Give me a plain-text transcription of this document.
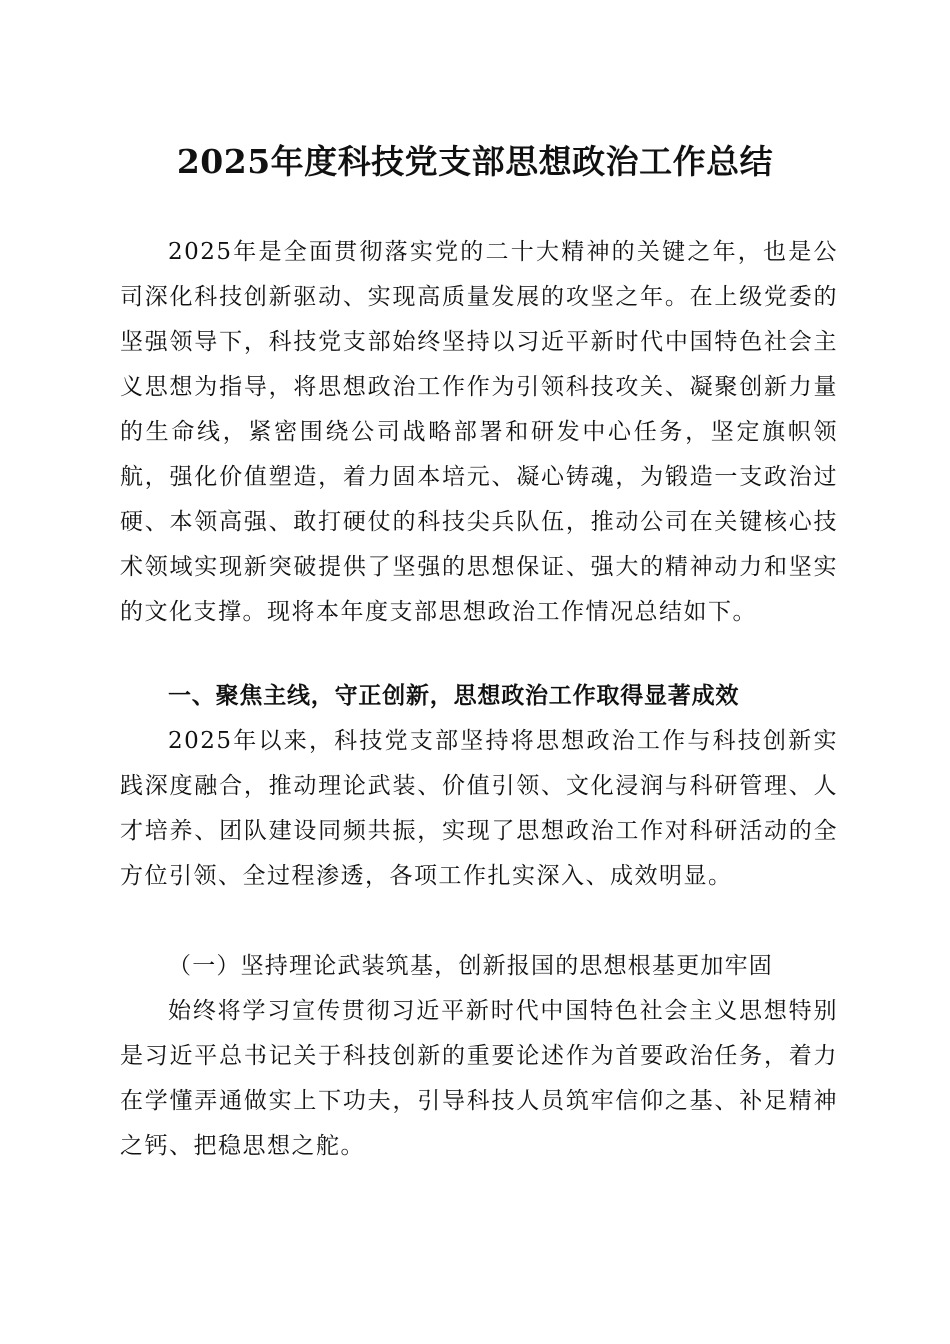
2025年度科技党支部思想政治工作总结

2025年是全面贯彻落实党的二十大精神的关键之年，也是公司深化科技创新驱动、实现高质量发展的攻坚之年。在上级党委的坚强领导下，科技党支部始终坚持以习近平新时代中国特色社会主义思想为指导，将思想政治工作作为引领科技攻关、凝聚创新力量的生命线，紧密围绕公司战略部署和研发中心任务，坚定旗帜领航，强化价值塑造，着力固本培元、凝心铸魂，为锻造一支政治过硬、本领高强、敢打硬仗的科技尖兵队伍，推动公司在关键核心技术领域实现新突破提供了坚强的思想保证、强大的精神动力和坚实的文化支撑。现将本年度支部思想政治工作情况总结如下。

一、聚焦主线，守正创新，思想政治工作取得显著成效

2025年以来，科技党支部坚持将思想政治工作与科技创新实践深度融合，推动理论武装、价值引领、文化浸润与科研管理、人才培养、团队建设同频共振，实现了思想政治工作对科研活动的全方位引领、全过程渗透，各项工作扎实深入、成效明显。

（一）坚持理论武装筑基，创新报国的思想根基更加牢固

始终将学习宣传贯彻习近平新时代中国特色社会主义思想特别是习近平总书记关于科技创新的重要论述作为首要政治任务，着力在学懂弄通做实上下功夫，引导科技人员筑牢信仰之基、补足精神之钙、把稳思想之舵。
